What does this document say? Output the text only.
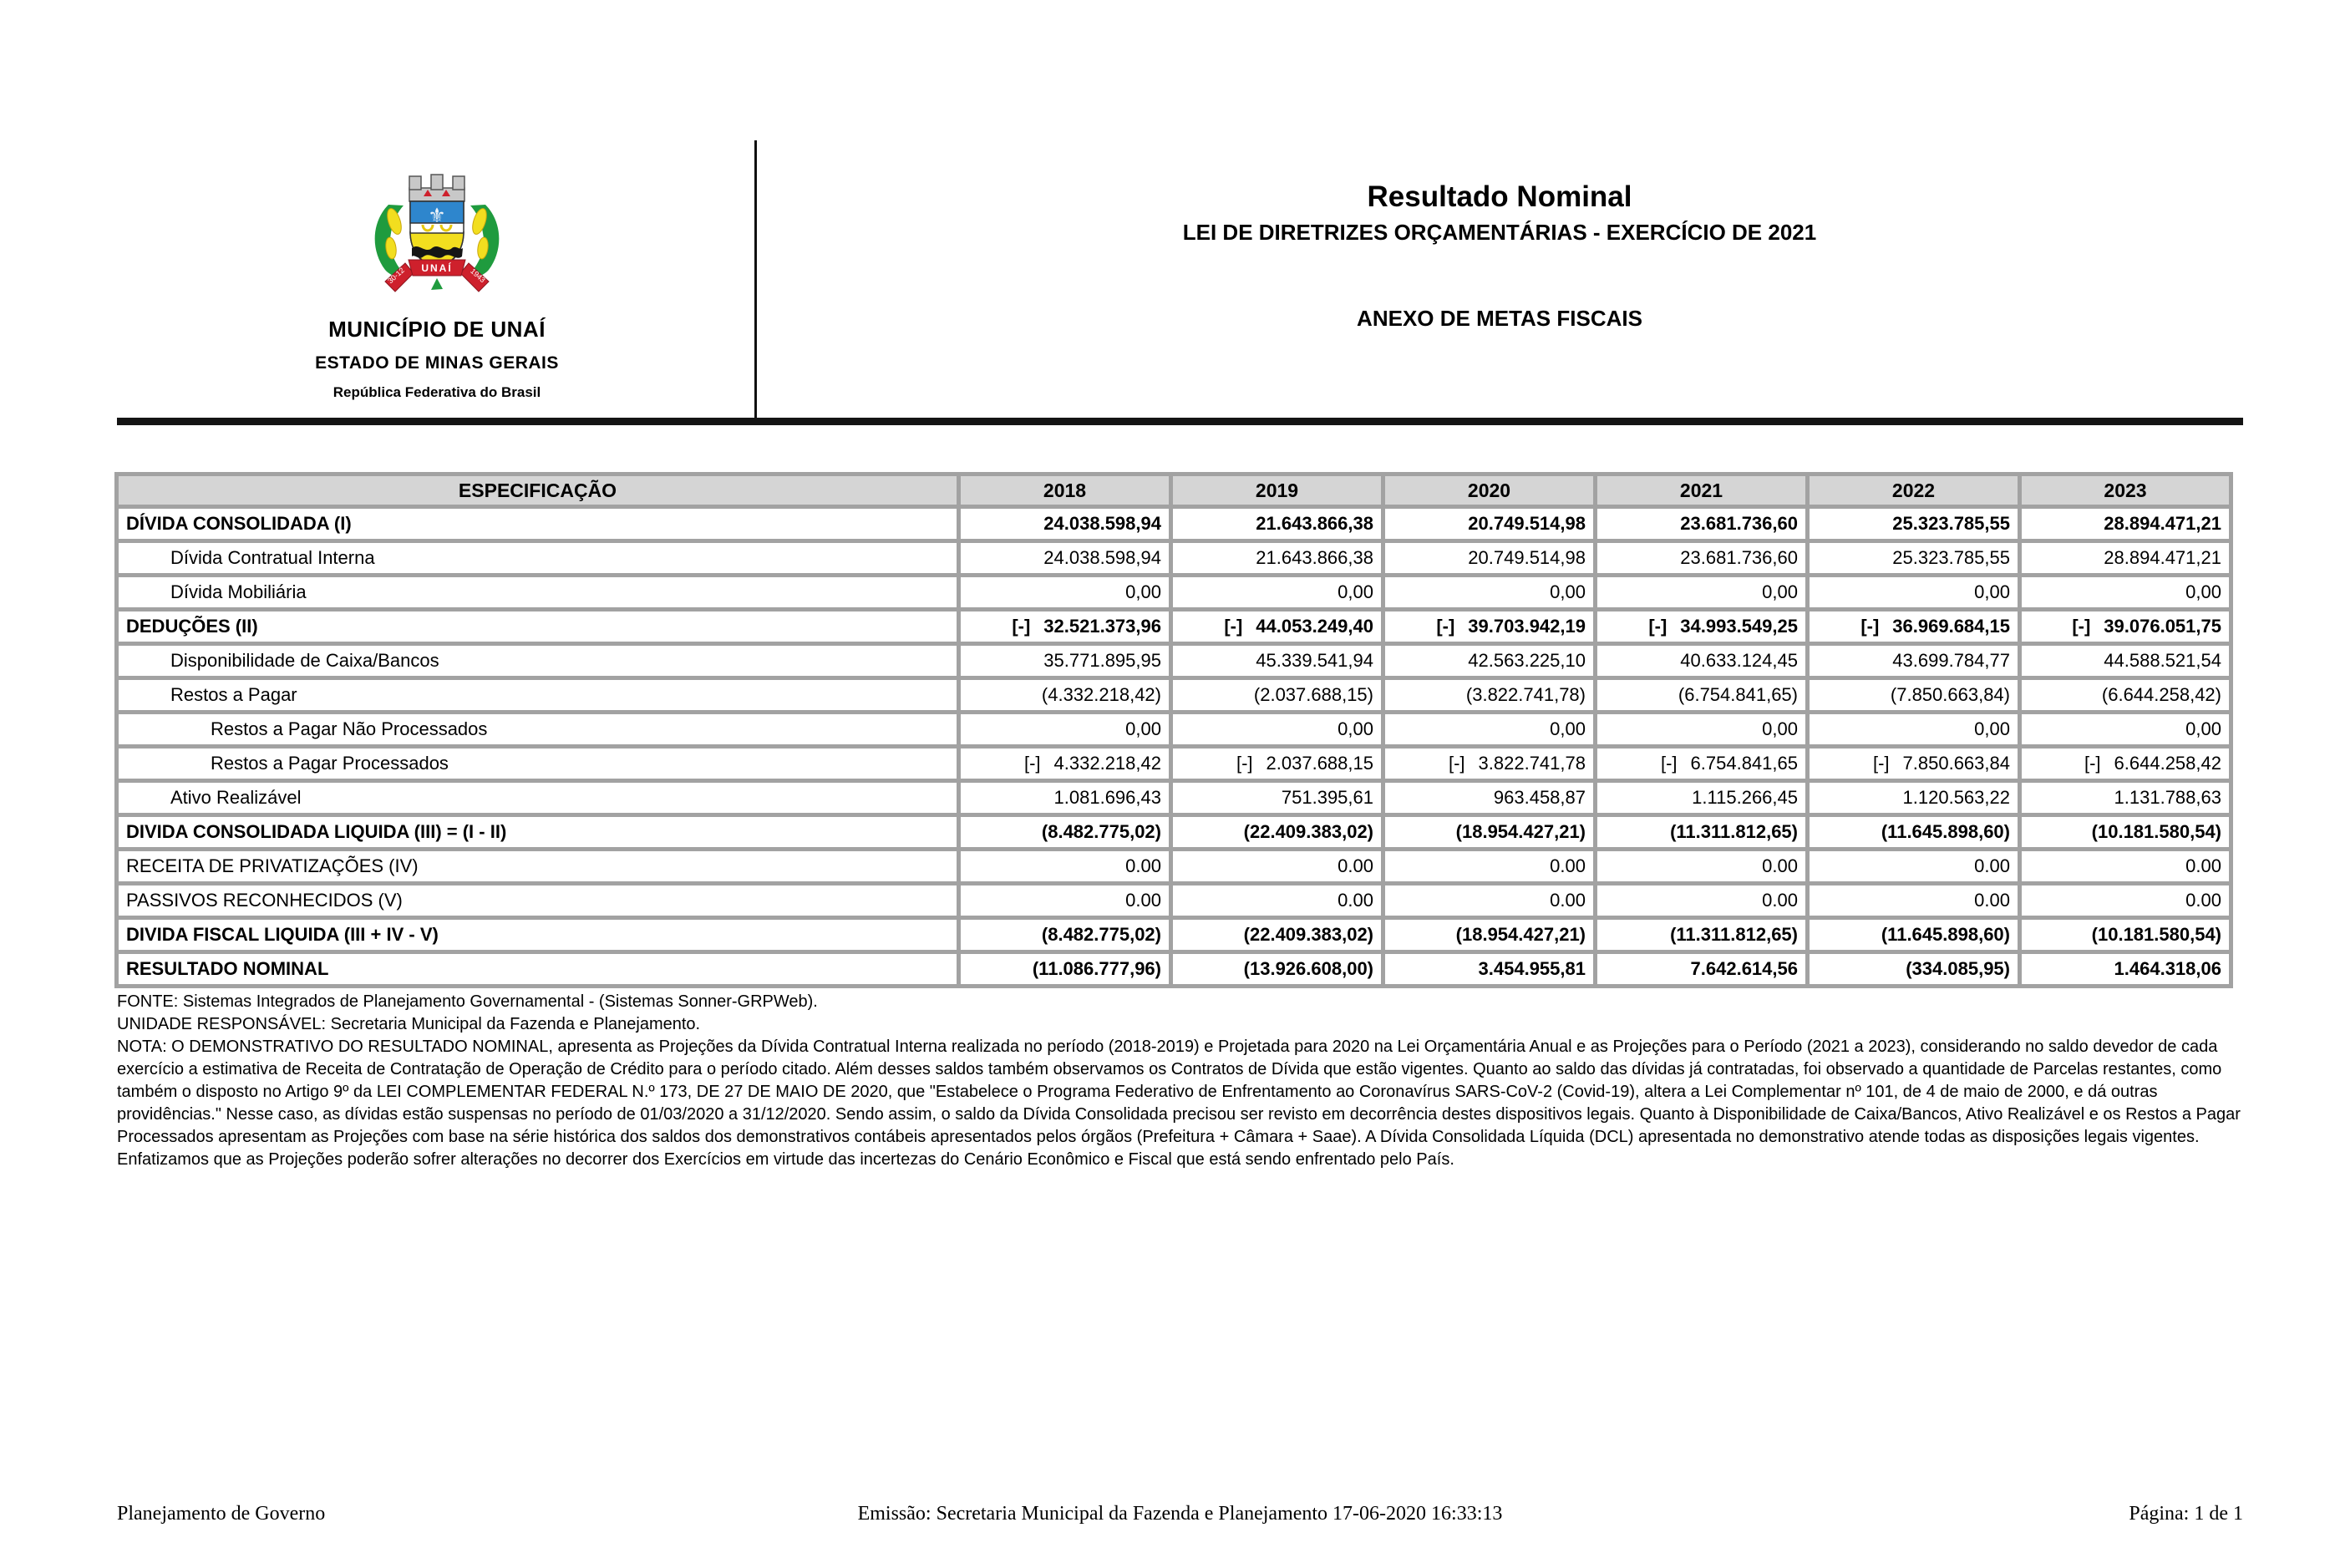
⚜
UNAÍ
30-12	1943
MUNICÍPIO DE UNAÍ
ESTADO DE MINAS GERAIS
República Federativa do Brasil
Resultado Nominal
LEI DE DIRETRIZES ORÇAMENTÁRIAS - EXERCÍCIO DE 2021
ANEXO DE METAS FISCAIS
ESPECIFICAÇÃO	2018	2019	2020	2021	2022	2023
DÍVIDA CONSOLIDADA (I)	24.038.598,94	21.643.866,38	20.749.514,98	23.681.736,60	25.323.785,55	28.894.471,21
Dívida Contratual Interna	24.038.598,94	21.643.866,38	20.749.514,98	23.681.736,60	25.323.785,55	28.894.471,21
Dívida Mobiliária	0,00	0,00	0,00	0,00	0,00	0,00
DEDUÇÕES (II)	[-] 32.521.373,96	[-] 44.053.249,40	[-] 39.703.942,19	[-] 34.993.549,25	[-] 36.969.684,15	[-] 39.076.051,75
Disponibilidade de Caixa/Bancos	35.771.895,95	45.339.541,94	42.563.225,10	40.633.124,45	43.699.784,77	44.588.521,54
Restos a Pagar	(4.332.218,42)	(2.037.688,15)	(3.822.741,78)	(6.754.841,65)	(7.850.663,84)	(6.644.258,42)
Restos a Pagar Não Processados	0,00	0,00	0,00	0,00	0,00	0,00
Restos a Pagar Processados	[-] 4.332.218,42	[-] 2.037.688,15	[-] 3.822.741,78	[-] 6.754.841,65	[-] 7.850.663,84	[-] 6.644.258,42
Ativo Realizável	1.081.696,43	751.395,61	963.458,87	1.115.266,45	1.120.563,22	1.131.788,63
DIVIDA CONSOLIDADA LIQUIDA (III) = (I - II)	(8.482.775,02)	(22.409.383,02)	(18.954.427,21)	(11.311.812,65)	(11.645.898,60)	(10.181.580,54)
RECEITA DE PRIVATIZAÇÕES (IV)	0.00	0.00	0.00	0.00	0.00	0.00
PASSIVOS RECONHECIDOS (V)	0.00	0.00	0.00	0.00	0.00	0.00
DIVIDA FISCAL LIQUIDA (III + IV - V)	(8.482.775,02)	(22.409.383,02)	(18.954.427,21)	(11.311.812,65)	(11.645.898,60)	(10.181.580,54)
RESULTADO NOMINAL	(11.086.777,96)	(13.926.608,00)	3.454.955,81	7.642.614,56	(334.085,95)	1.464.318,06

FONTE: Sistemas Integrados de Planejamento Governamental - (Sistemas Sonner-GRPWeb).

UNIDADE RESPONSÁVEL: Secretaria Municipal da Fazenda e Planejamento.

NOTA: O DEMONSTRATIVO DO RESULTADO NOMINAL, apresenta as Projeções da Dívida Contratual Interna realizada no período (2018-2019) e Projetada para 2020 na Lei Orçamentária Anual e as Projeções para o Período (2021 a 2023), considerando no saldo devedor de cada exercício a estimativa de Receita de Contratação de Operação de Crédito para o período citado. Além desses saldos também observamos os Contratos de Dívida que estão vigentes. Quanto ao saldo das dívidas já contratadas, foi observado a quantidade de Parcelas restantes, como também o disposto no Artigo 9º da LEI COMPLEMENTAR FEDERAL N.º 173, DE 27 DE MAIO DE 2020, que "Estabelece o Programa Federativo de Enfrentamento ao Coronavírus SARS-CoV-2 (Covid-19), altera a Lei Complementar nº 101, de 4 de maio de 2000, e dá outras providências." Nesse caso, as dívidas estão suspensas no período de 01/03/2020 a 31/12/2020. Sendo assim, o saldo da Dívida Consolidada precisou ser revisto em decorrência destes dispositivos legais. Quanto à Disponibilidade de Caixa/Bancos, Ativo Realizável e os Restos a Pagar Processados apresentam as Projeções com base na série histórica dos saldos dos demonstrativos contábeis apresentados pelos órgãos (Prefeitura + Câmara + Saae). A Dívida Consolidada Líquida (DCL) apresentada no demonstrativo atende todas as disposições legais vigentes. Enfatizamos que as Projeções poderão sofrer alterações no decorrer dos Exercícios em virtude das incertezas do Cenário Econômico e Fiscal que está sendo enfrentado pelo País.

Planejamento de Governo	Emissão: Secretaria Municipal da Fazenda e Planejamento 17-06-2020 16:33:13	Página: 1 de 1
